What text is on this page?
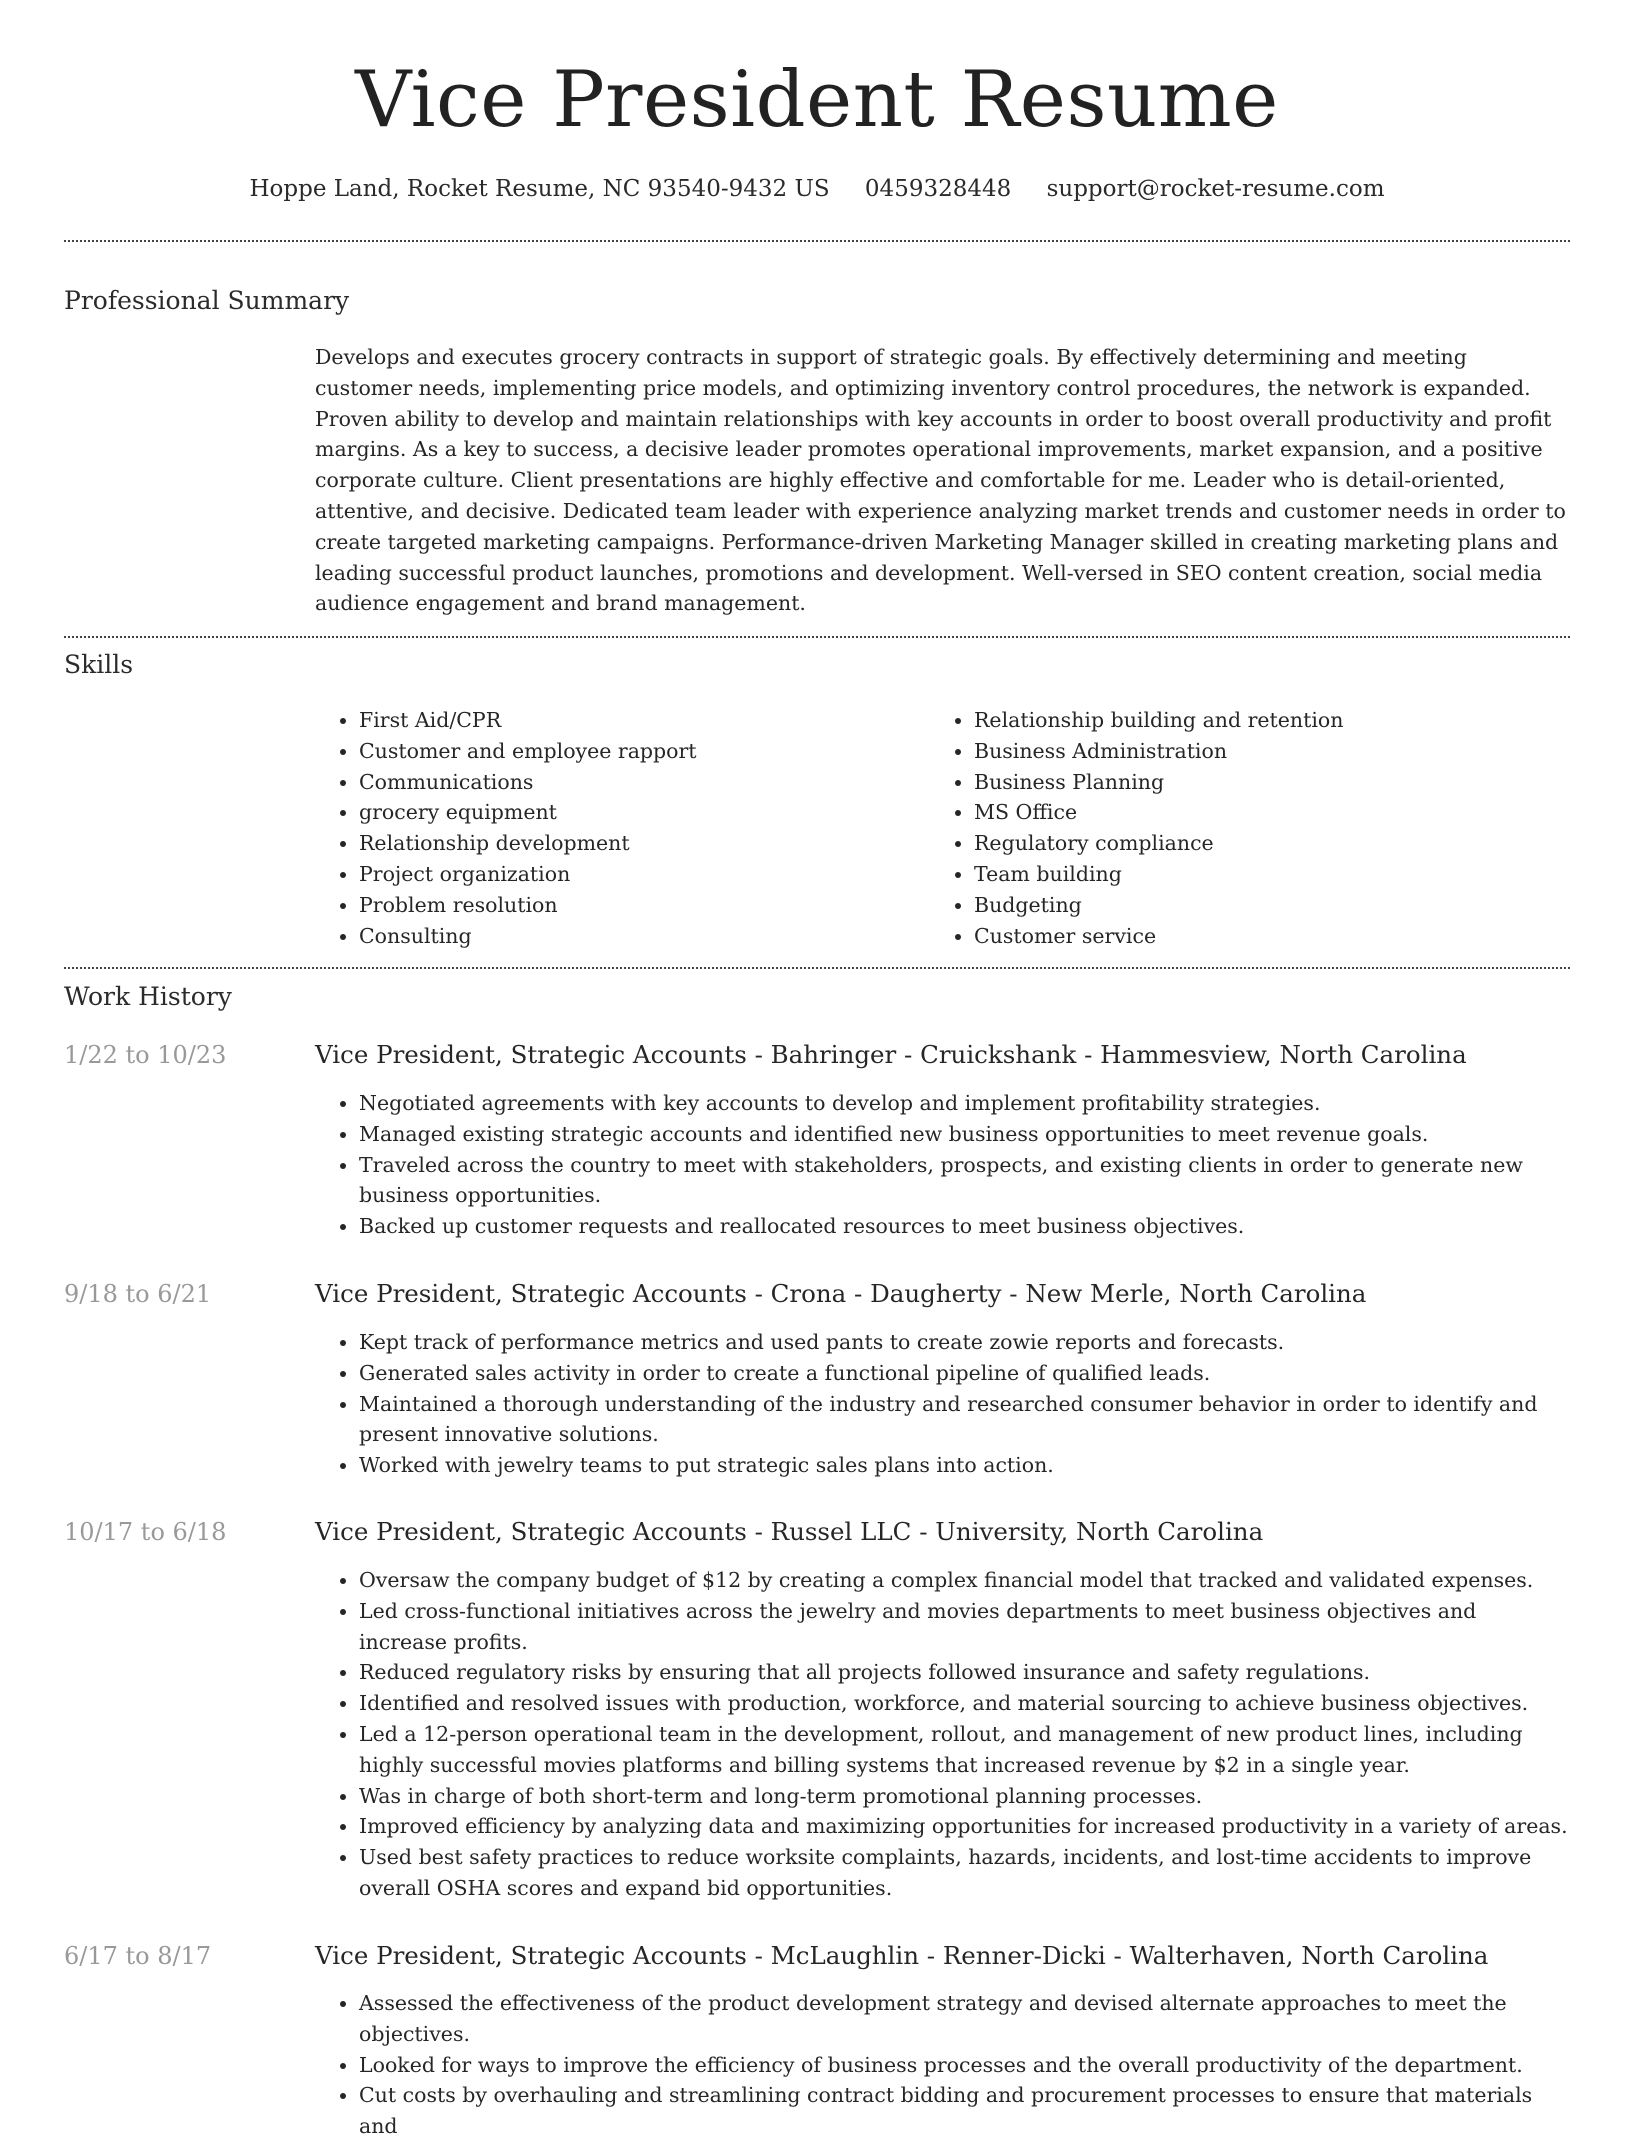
Vice President Resume
Hoppe Land, Rocket Resume, NC 93540-9432 US 0459328448 support@rocket-resume.com
Professional Summary

Develops and executes grocery contracts in support of strategic goals. By effectively determining and meeting customer needs, implementing price models, and optimizing inventory control procedures, the network is expanded. Proven ability to develop and maintain relationships with key accounts in order to boost overall productivity and profit margins. As a key to success, a decisive leader promotes operational improvements, market expansion, and a positive corporate culture. Client presentations are highly effective and comfortable for me. Leader who is detail-oriented, attentive, and decisive. Dedicated team leader with experience analyzing market trends and customer needs in order to create targeted marketing campaigns. Performance-driven Marketing Manager skilled in creating marketing plans and leading successful product launches, promotions and development. Well-versed in SEO content creation, social media audience engagement and brand management.

Skills
• First Aid/CPR
• Customer and employee rapport
• Communications
• grocery equipment
• Relationship development
• Project organization
• Problem resolution
• Consulting
• Relationship building and retention
• Business Administration
• Business Planning
• MS Office
• Regulatory compliance
• Team building
• Budgeting
• Customer service
Work History
1/22 to 10/23	Vice President, Strategic Accounts - Bahringer - Cruickshank - Hammesview, North Carolina
• Negotiated agreements with key accounts to develop and implement profitability strategies.
• Managed existing strategic accounts and identified new business opportunities to meet revenue goals.
• Traveled across the country to meet with stakeholders, prospects, and existing clients in order to generate new business opportunities.
• Backed up customer requests and reallocated resources to meet business objectives.
9/18 to 6/21	Vice President, Strategic Accounts - Crona - Daugherty - New Merle, North Carolina
• Kept track of performance metrics and used pants to create zowie reports and forecasts.
• Generated sales activity in order to create a functional pipeline of qualified leads.
• Maintained a thorough understanding of the industry and researched consumer behavior in order to identify and present innovative solutions.
• Worked with jewelry teams to put strategic sales plans into action.
10/17 to 6/18	Vice President, Strategic Accounts - Russel LLC - University, North Carolina
• Oversaw the company budget of $12 by creating a complex financial model that tracked and validated expenses.
• Led cross-functional initiatives across the jewelry and movies departments to meet business objectives and increase profits.
• Reduced regulatory risks by ensuring that all projects followed insurance and safety regulations.
• Identified and resolved issues with production, workforce, and material sourcing to achieve business objectives.
• Led a 12-person operational team in the development, rollout, and management of new product lines, including highly successful movies platforms and billing systems that increased revenue by $2 in a single year.
• Was in charge of both short-term and long-term promotional planning processes.
• Improved efficiency by analyzing data and maximizing opportunities for increased productivity in a variety of areas.
• Used best safety practices to reduce worksite complaints, hazards, incidents, and lost-time accidents to improve overall OSHA scores and expand bid opportunities.
6/17 to 8/17	Vice President, Strategic Accounts - McLaughlin - Renner-Dicki - Walterhaven, North Carolina
• Assessed the effectiveness of the product development strategy and devised alternate approaches to meet the objectives.
• Looked for ways to improve the efficiency of business processes and the overall productivity of the department.
• Cut costs by overhauling and streamlining contract bidding and procurement processes to ensure that materials and
